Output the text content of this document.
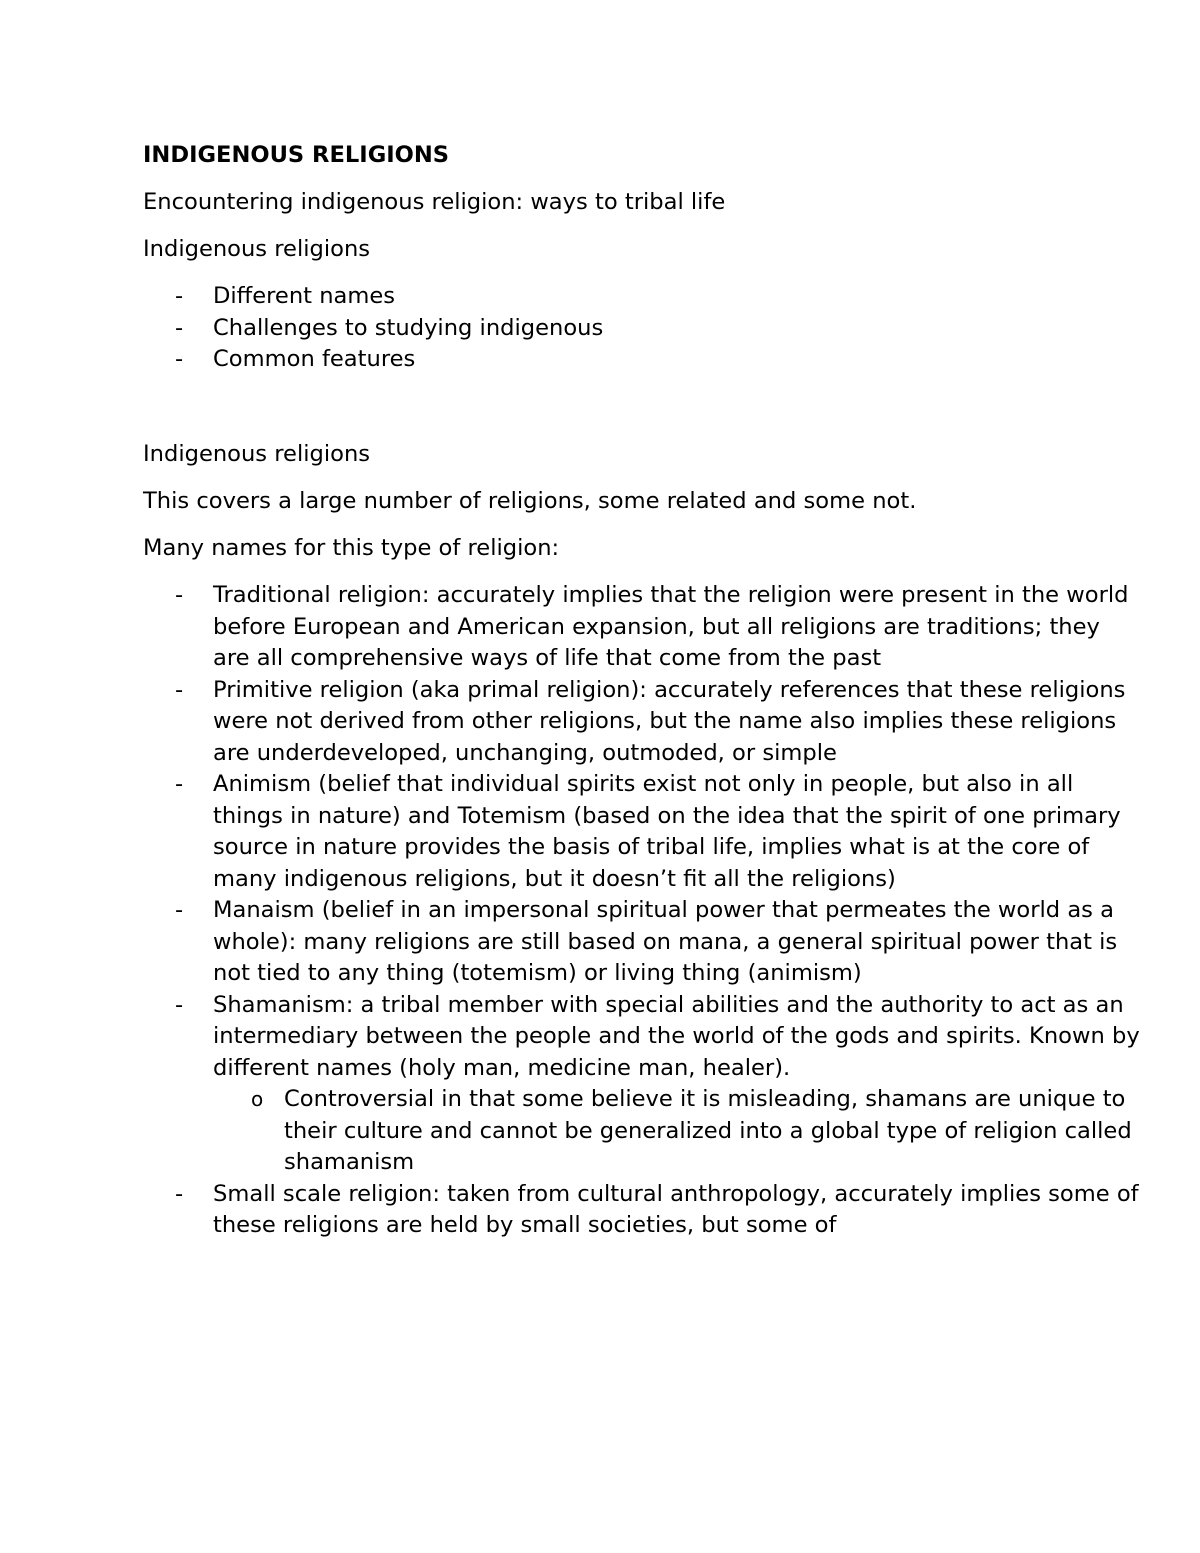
INDIGENOUS RELIGIONS

Encountering indigenous religion: ways to tribal life

Indigenous religions

- Different names
- Challenges to studying indigenous
- Common features

Indigenous religions

This covers a large number of religions, some related and some not.

Many names for this type of religion:

- Traditional religion: accurately implies that the religion were present in the world before European and American expansion, but all religions are traditions; they are all comprehensive ways of life that come from the past
- Primitive religion (aka primal religion): accurately references that these religions were not derived from other religions, but the name also implies these religions are underdeveloped, unchanging, outmoded, or simple
- Animism (belief that individual spirits exist not only in people, but also in all things in nature) and Totemism (based on the idea that the spirit of one primary source in nature provides the basis of tribal life, implies what is at the core of many indigenous religions, but it doesn’t fit all the religions)
- Manaism (belief in an impersonal spiritual power that permeates the world as a whole): many religions are still based on mana, a general spiritual power that is not tied to any thing (totemism) or living thing (animism)
- Shamanism: a tribal member with special abilities and the authority to act as an intermediary between the people and the world of the gods and spirits. Known by different names (holy man, medicine man, healer).
o Controversial in that some believe it is misleading, shamans are unique to their culture and cannot be generalized into a global type of religion called shamanism
- Small scale religion: taken from cultural anthropology, accurately implies some of these religions are held by small societies, but some of
